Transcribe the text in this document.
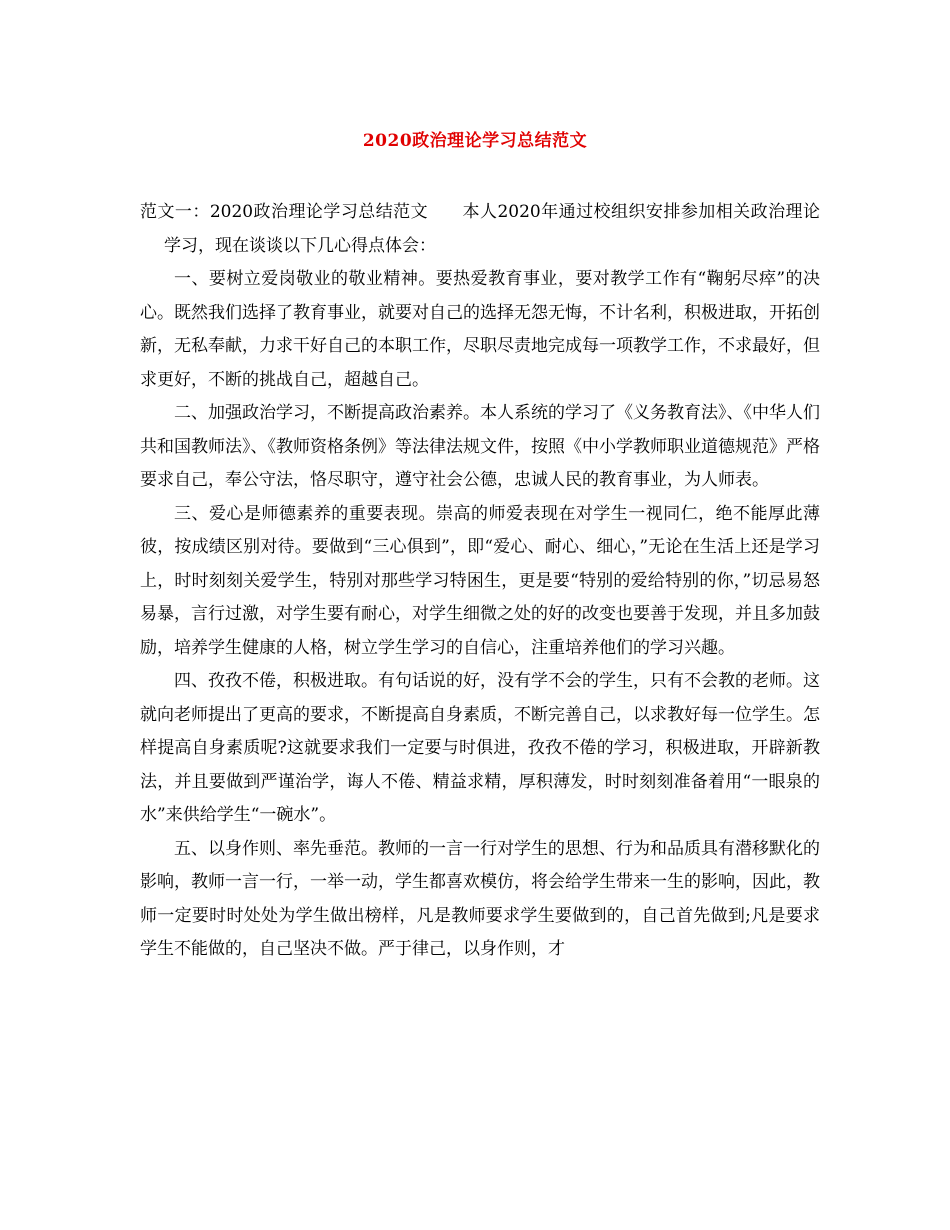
2020政治理论学习总结范文

范文一：2020政治理论学习总结范文 本人2020年通过校组织安排参加相关政治理论学习，现在谈谈以下几心得点体会：

一、要树立爱岗敬业的敬业精神。要热爱教育事业，要对教学工作有“鞠躬尽瘁”的决心。既然我们选择了教育事业，就要对自己的选择无怨无悔，不计名利，积极进取，开拓创新，无私奉献，力求干好自己的本职工作，尽职尽责地完成每一项教学工作，不求最好，但求更好，不断的挑战自己，超越自己。

二、加强政治学习，不断提高政治素养。本人系统的学习了《义务教育法》、《中华人们共和国教师法》、《教师资格条例》等法律法规文件，按照《中小学教师职业道德规范》严格要求自己，奉公守法，恪尽职守，遵守社会公德，忠诚人民的教育事业，为人师表。

三、爱心是师德素养的重要表现。崇高的师爱表现在对学生一视同仁，绝不能厚此薄彼，按成绩区别对待。要做到“三心俱到”，即“爱心、耐心、细心，”无论在生活上还是学习上，时时刻刻关爱学生，特别对那些学习特困生，更是要“特别的爱给特别的你，”切忌易怒易暴，言行过激，对学生要有耐心，对学生细微之处的好的改变也要善于发现，并且多加鼓励，培养学生健康的人格，树立学生学习的自信心，注重培养他们的学习兴趣。

四、孜孜不倦，积极进取。有句话说的好，没有学不会的学生，只有不会教的老师。这就向老师提出了更高的要求，不断提高自身素质，不断完善自己，以求教好每一位学生。怎样提高自身素质呢?这就要求我们一定要与时俱进，孜孜不倦的学习，积极进取，开辟新教法，并且要做到严谨治学，诲人不倦、精益求精，厚积薄发，时时刻刻准备着用“一眼泉的水”来供给学生“一碗水”。

五、以身作则、率先垂范。教师的一言一行对学生的思想、行为和品质具有潜移默化的影响，教师一言一行，一举一动，学生都喜欢模仿，将会给学生带来一生的影响，因此，教师一定要时时处处为学生做出榜样，凡是教师要求学生要做到的，自己首先做到;凡是要求学生不能做的，自己坚决不做。严于律己，以身作则，才
